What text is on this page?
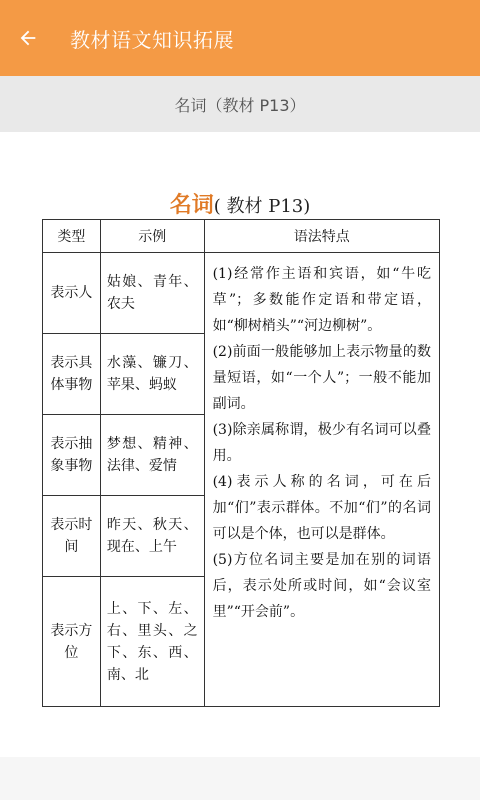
教材语文知识拓展
名词（教材 P13）
名词( 教材 P13)
类型	示例	语法特点
表示人	姑娘、青年、农夫	(1)经常作主语和宾语，如“牛吃草”；多数能作定语和带定语，如“柳树梢头”“河边柳树”。

(2)前面一般能够加上表示物量的数量短语，如“一个人”；一般不能加副词。

(3)除亲属称谓，极少有名词可以叠用。

(4)表示人称的名词，可在后加“们”表示群体。不加“们”的名词可以是个体，也可以是群体。

(5)方位名词主要是加在别的词语后，表示处所或时间，如“会议室里”“开会前”。

表示具体事物	水藻、镰刀、苹果、蚂蚁	
表示抽象事物	梦想、精神、法律、爱情	
表示时间	昨天、秋天、现在、上午	
表示方位	上、下、左、右、里头、之下、东、西、南、北	
